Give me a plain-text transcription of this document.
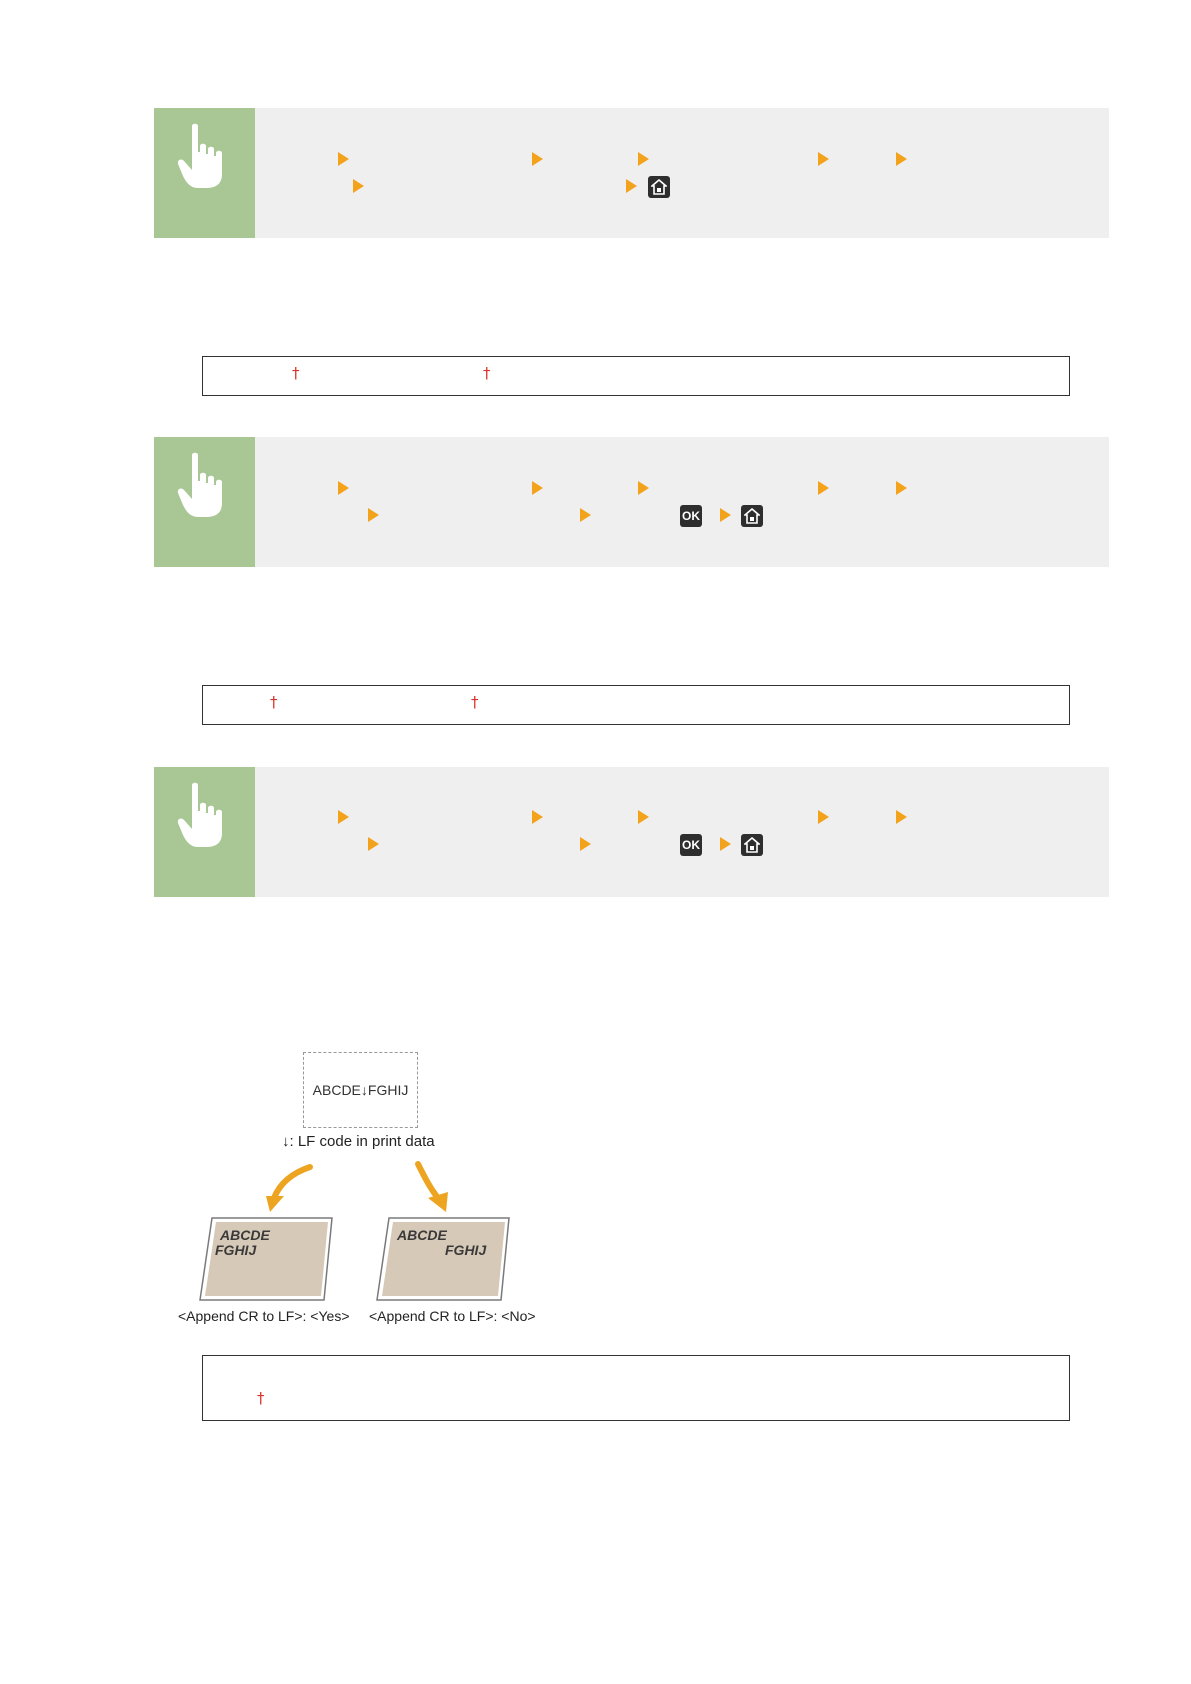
†	†
OK
†	†
OK
ABCDE↓FGHIJ
↓: LF code in print data
ABCDE
FGHIJ
ABCDE
FGHIJ
<Append CR to LF>: <Yes> <Append CR to LF>: <No>
†
